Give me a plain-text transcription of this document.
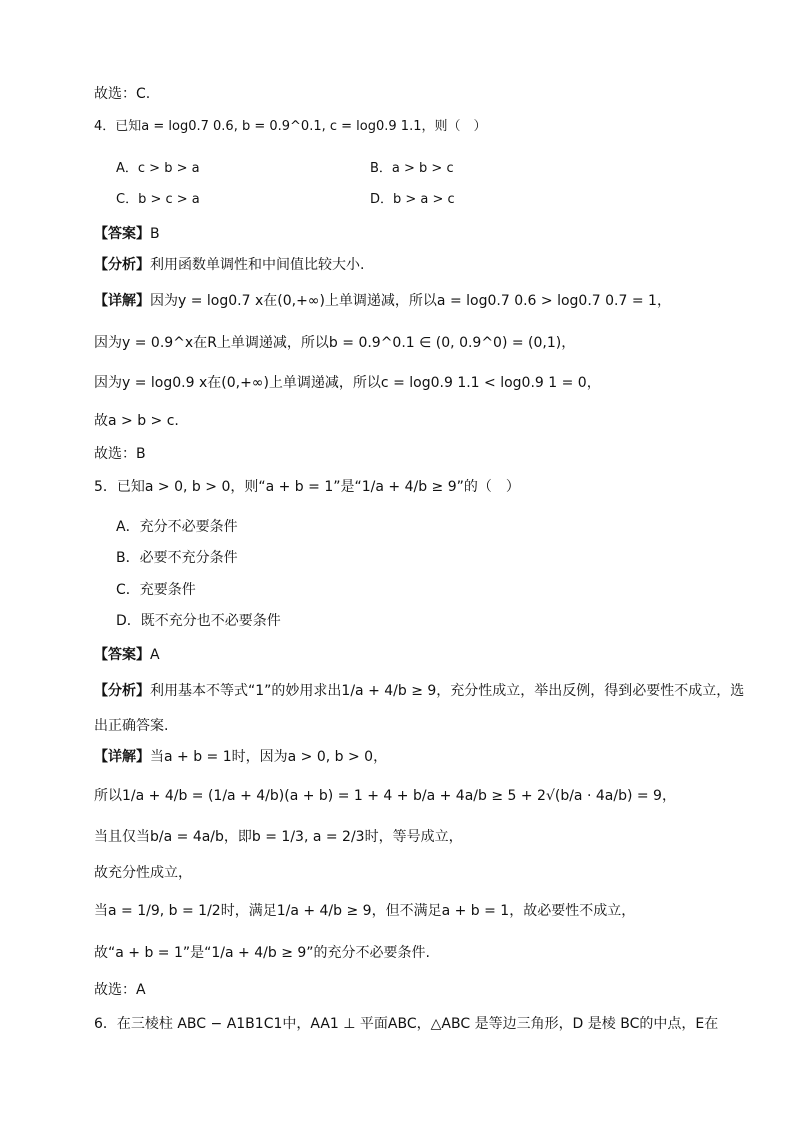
故选：C.
4．已知a = log0.7 0.6, b = 0.9^0.1, c = log0.9 1.1，则（　）
A．c > b > a	B．a > b > c
C．b > c > a	D．b > a > c
【答案】B
【分析】利用函数单调性和中间值比较大小.
【详解】因为y = log0.7 x在(0,+∞)上单调递减，所以a = log0.7 0.6 > log0.7 0.7 = 1，
因为y = 0.9^x在R上单调递减，所以b = 0.9^0.1 ∈ (0, 0.9^0) = (0,1)，
因为y = log0.9 x在(0,+∞)上单调递减，所以c = log0.9 1.1 < log0.9 1 = 0，
故a > b > c.
故选：B
5．已知a > 0, b > 0，则“a + b = 1”是“1/a + 4/b ≥ 9”的（　）
A．充分不必要条件
B．必要不充分条件
C．充要条件
D．既不充分也不必要条件
【答案】A
【分析】利用基本不等式“1”的妙用求出1/a + 4/b ≥ 9，充分性成立，举出反例，得到必要性不成立，选
出正确答案.
【详解】当a + b = 1时，因为a > 0, b > 0，
所以1/a + 4/b = (1/a + 4/b)(a + b) = 1 + 4 + b/a + 4a/b ≥ 5 + 2√(b/a · 4a/b) = 9，
当且仅当b/a = 4a/b，即b = 1/3, a = 2/3时，等号成立，
故充分性成立，
当a = 1/9, b = 1/2时，满足1/a + 4/b ≥ 9，但不满足a + b = 1，故必要性不成立，
故“a + b = 1”是“1/a + 4/b ≥ 9”的充分不必要条件.
故选：A
6．在三棱柱 ABC − A1B1C1中，AA1 ⊥ 平面ABC，△ABC 是等边三角形，D 是棱 BC的中点，E在
